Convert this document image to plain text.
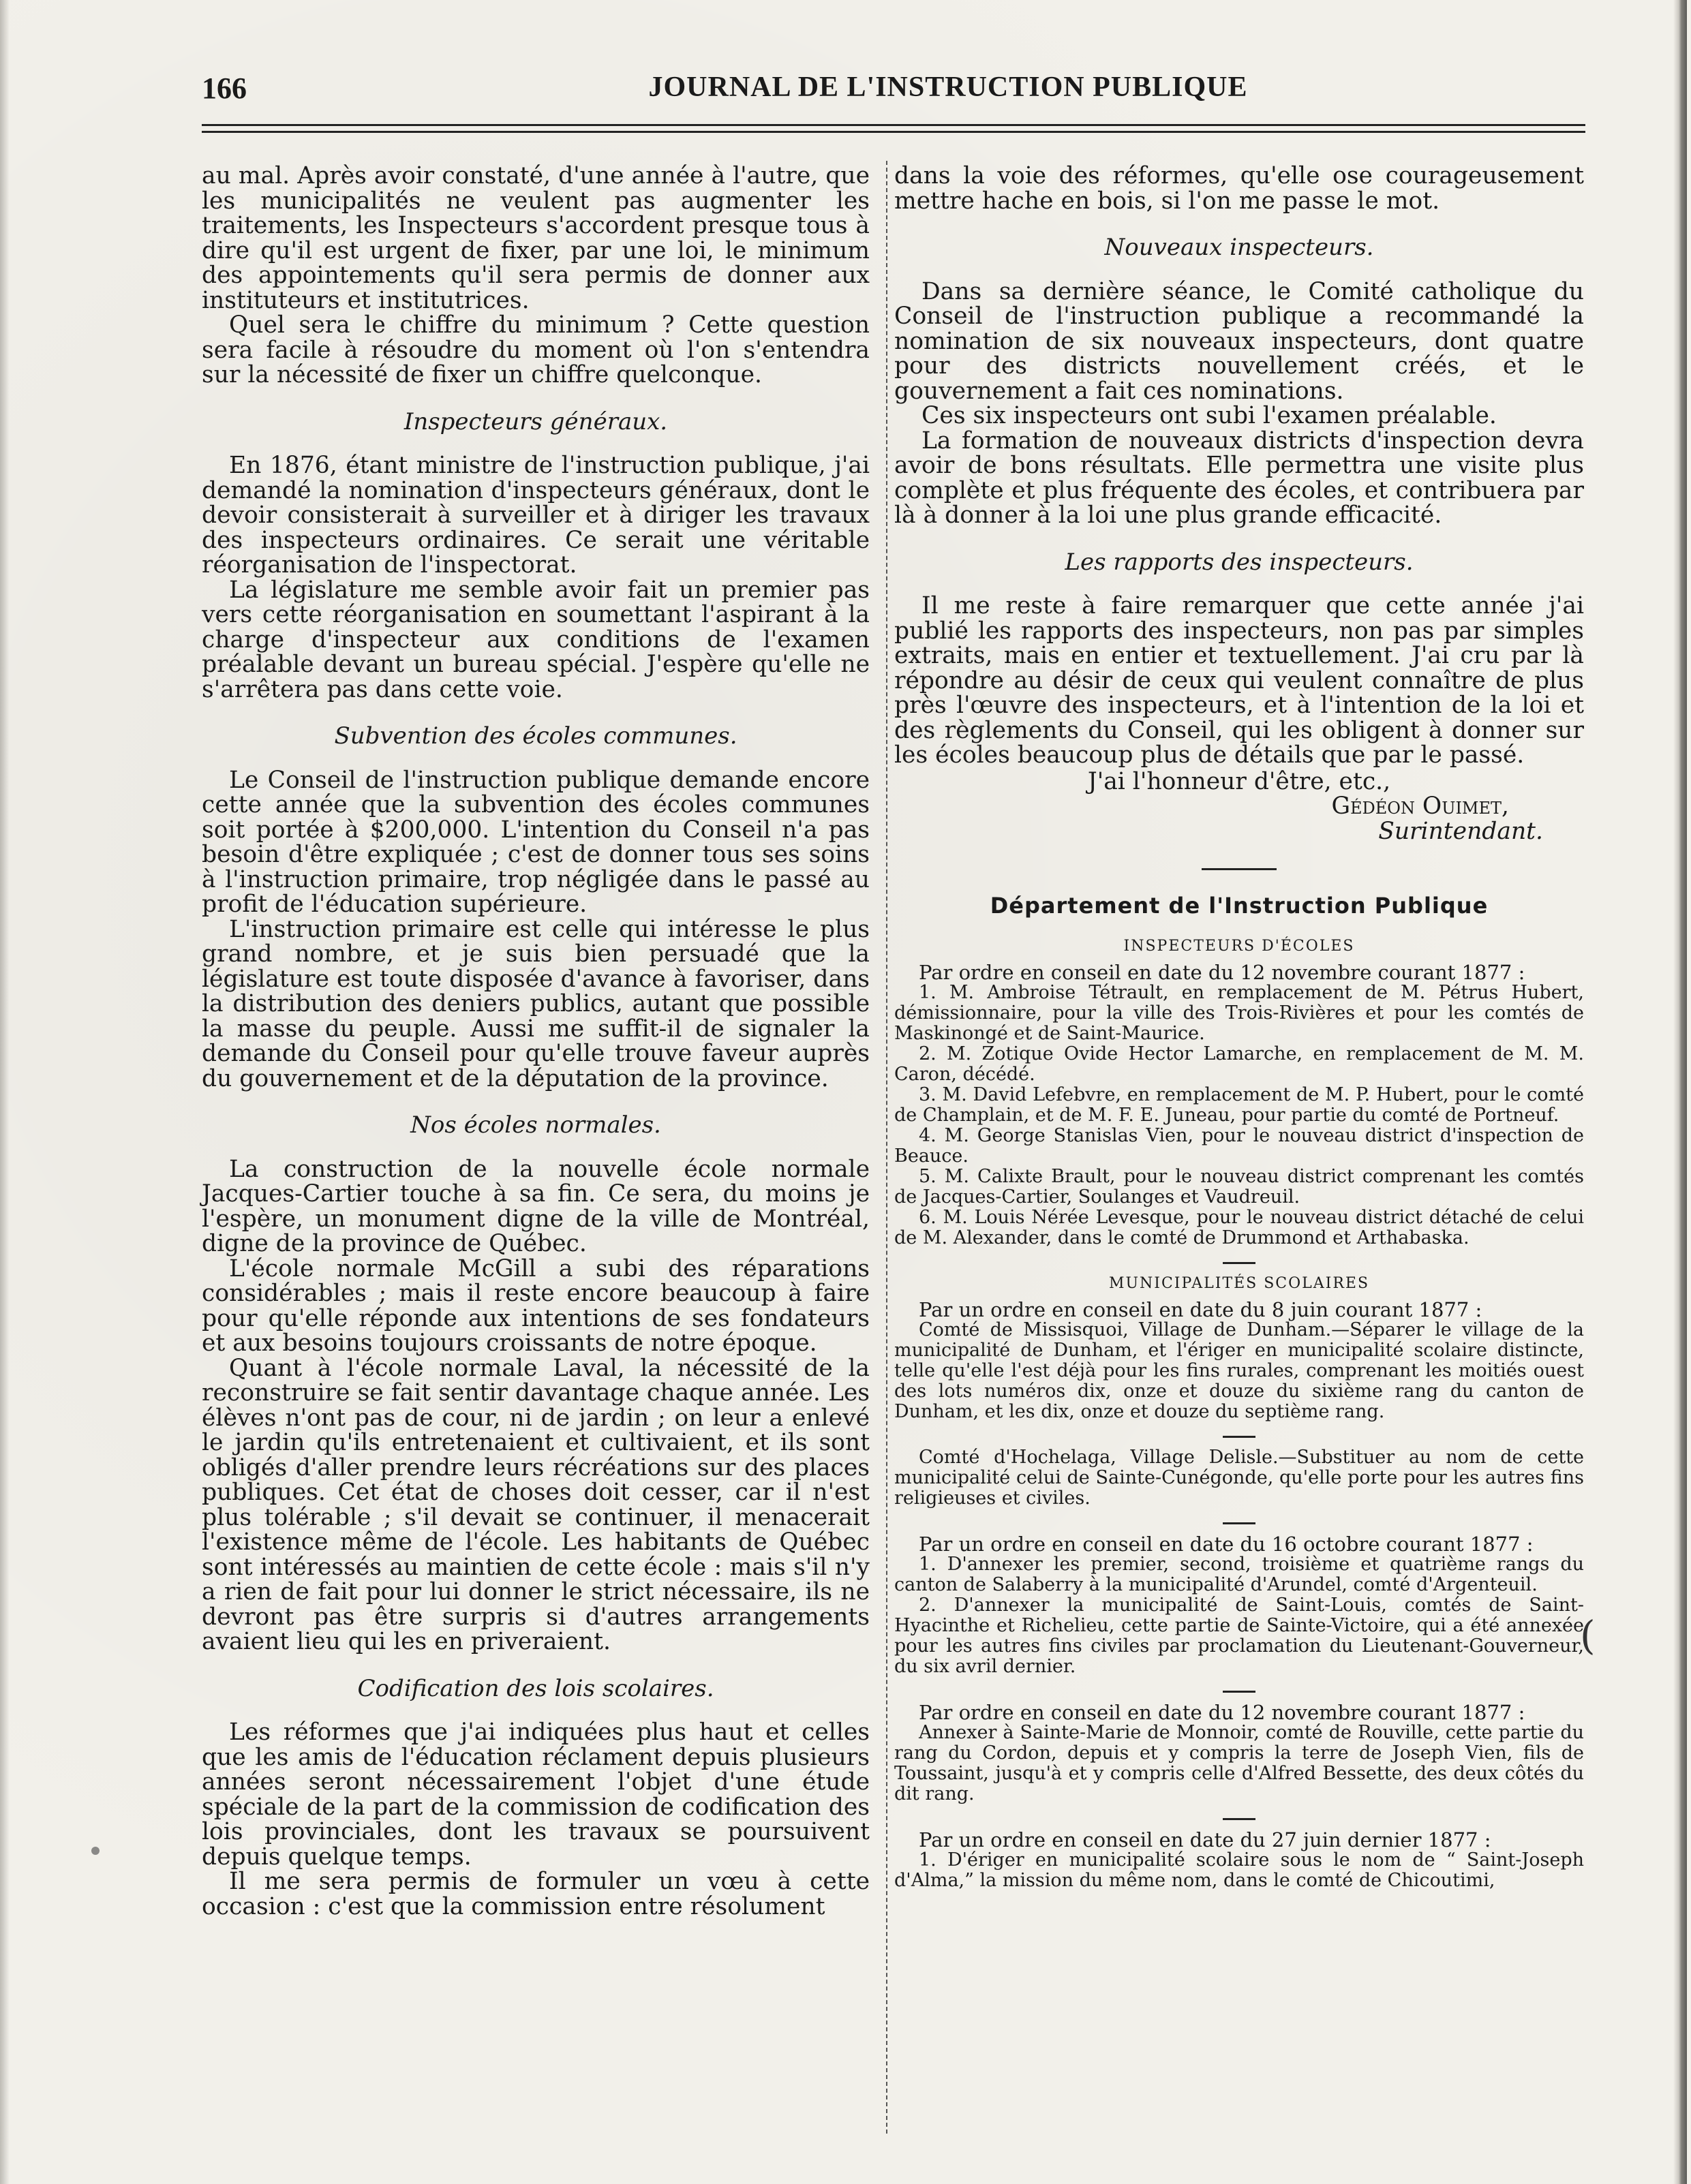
166	JOURNAL DE L'INSTRUCTION PUBLIQUE

au mal. Après avoir constaté, d'une année à l'autre, que les municipalités ne veulent pas augmenter les traitements, les Inspecteurs s'accordent presque tous à dire qu'il est urgent de fixer, par une loi, le minimum des appointements qu'il sera permis de donner aux instituteurs et institutrices.

Quel sera le chiffre du minimum ? Cette question sera facile à résoudre du moment où l'on s'entendra sur la nécessité de fixer un chiffre quelconque.

Inspecteurs généraux.

En 1876, étant ministre de l'instruction publique, j'ai demandé la nomination d'inspecteurs généraux, dont le devoir consisterait à surveiller et à diriger les travaux des inspecteurs ordinaires. Ce serait une véritable réorganisation de l'inspectorat.

La législature me semble avoir fait un premier pas vers cette réorganisation en soumettant l'aspirant à la charge d'inspecteur aux conditions de l'examen préalable devant un bureau spécial. J'espère qu'elle ne s'arrêtera pas dans cette voie.

Subvention des écoles communes.

Le Conseil de l'instruction publique demande encore cette année que la subvention des écoles communes soit portée à $200,000. L'intention du Conseil n'a pas besoin d'être expliquée ; c'est de donner tous ses soins à l'instruction primaire, trop négligée dans le passé au profit de l'éducation supérieure.

L'instruction primaire est celle qui intéresse le plus grand nombre, et je suis bien persuadé que la législature est toute disposée d'avance à favoriser, dans la distribution des deniers publics, autant que possible la masse du peuple. Aussi me suffit-il de signaler la demande du Conseil pour qu'elle trouve faveur auprès du gouvernement et de la députation de la province.

Nos écoles normales.

La construction de la nouvelle école normale Jacques-Cartier touche à sa fin. Ce sera, du moins je l'espère, un monument digne de la ville de Montréal, digne de la province de Québec.

L'école normale McGill a subi des réparations considérables ; mais il reste encore beaucoup à faire pour qu'elle réponde aux intentions de ses fondateurs et aux besoins toujours croissants de notre époque.

Quant à l'école normale Laval, la nécessité de la reconstruire se fait sentir davantage chaque année. Les élèves n'ont pas de cour, ni de jardin ; on leur a enlevé le jardin qu'ils entretenaient et cultivaient, et ils sont obligés d'aller prendre leurs récréations sur des places publiques. Cet état de choses doit cesser, car il n'est plus tolérable ; s'il devait se continuer, il menacerait l'existence même de l'école. Les habitants de Québec sont intéressés au maintien de cette école : mais s'il n'y a rien de fait pour lui donner le strict nécessaire, ils ne devront pas être surpris si d'autres arrangements avaient lieu qui les en priveraient.

Codification des lois scolaires.

Les réformes que j'ai indiquées plus haut et celles que les amis de l'éducation réclament depuis plusieurs années seront nécessairement l'objet d'une étude spéciale de la part de la commission de codification des lois provinciales, dont les travaux se poursuivent depuis quelque temps.

Il me sera permis de formuler un vœu à cette occasion : c'est que la commission entre résolument

dans la voie des réformes, qu'elle ose courageusement mettre hache en bois, si l'on me passe le mot.

Nouveaux inspecteurs.

Dans sa dernière séance, le Comité catholique du Conseil de l'instruction publique a recommandé la nomination de six nouveaux inspecteurs, dont quatre pour des districts nouvellement créés, et le gouvernement a fait ces nominations.

Ces six inspecteurs ont subi l'examen préalable.

La formation de nouveaux districts d'inspection devra avoir de bons résultats. Elle permettra une visite plus complète et plus fréquente des écoles, et contribuera par là à donner à la loi une plus grande efficacité.

Les rapports des inspecteurs.

Il me reste à faire remarquer que cette année j'ai publié les rapports des inspecteurs, non pas par simples extraits, mais en entier et textuellement. J'ai cru par là répondre au désir de ceux qui veulent connaître de plus près l'œuvre des inspecteurs, et à l'intention de la loi et des règlements du Conseil, qui les obligent à donner sur les écoles beaucoup plus de détails que par le passé.

J'ai l'honneur d'être, etc.,
Gédéon Ouimet,
Surintendant.
Département de l'Instruction Publique
INSPECTEURS D'ÉCOLES

Par ordre en conseil en date du 12 novembre courant 1877 :

1. M. Ambroise Tétrault, en remplacement de M. Pétrus Hubert, démissionnaire, pour la ville des Trois-Rivières et pour les comtés de Maskinongé et de Saint-Maurice.

2. M. Zotique Ovide Hector Lamarche, en remplacement de M. M. Caron, décédé.

3. M. David Lefebvre, en remplacement de M. P. Hubert, pour le comté de Champlain, et de M. F. E. Juneau, pour partie du comté de Portneuf.

4. M. George Stanislas Vien, pour le nouveau district d'inspection de Beauce.

5. M. Calixte Brault, pour le nouveau district comprenant les comtés de Jacques-Cartier, Soulanges et Vaudreuil.

6. M. Louis Nérée Levesque, pour le nouveau district détaché de celui de M. Alexander, dans le comté de Drummond et Arthabaska.

MUNICIPALITÉS SCOLAIRES

Par un ordre en conseil en date du 8 juin courant 1877 :

Comté de Missisquoi, Village de Dunham.—Séparer le village de la municipalité de Dunham, et l'ériger en municipalité scolaire distincte, telle qu'elle l'est déjà pour les fins rurales, comprenant les moitiés ouest des lots numéros dix, onze et douze du sixième rang du canton de Dunham, et les dix, onze et douze du septième rang.

Comté d'Hochelaga, Village Delisle.—Substituer au nom de cette municipalité celui de Sainte-Cunégonde, qu'elle porte pour les autres fins religieuses et civiles.

Par un ordre en conseil en date du 16 octobre courant 1877 :

1. D'annexer les premier, second, troisième et quatrième rangs du canton de Salaberry à la municipalité d'Arundel, comté d'Argenteuil.

2. D'annexer la municipalité de Saint-Louis, comtés de Saint-Hyacinthe et Richelieu, cette partie de Sainte-Victoire, qui a été annexée pour les autres fins civiles par proclamation du Lieutenant-Gouverneur, du six avril dernier.

Par ordre en conseil en date du 12 novembre courant 1877 :

Annexer à Sainte-Marie de Monnoir, comté de Rouville, cette partie du rang du Cordon, depuis et y compris la terre de Joseph Vien, fils de Toussaint, jusqu'à et y compris celle d'Alfred Bessette, des deux côtés du dit rang.

Par un ordre en conseil en date du 27 juin dernier 1877 :

1. D'ériger en municipalité scolaire sous le nom de “ Saint-Joseph d'Alma,” la mission du même nom, dans le comté de Chicoutimi,

(
